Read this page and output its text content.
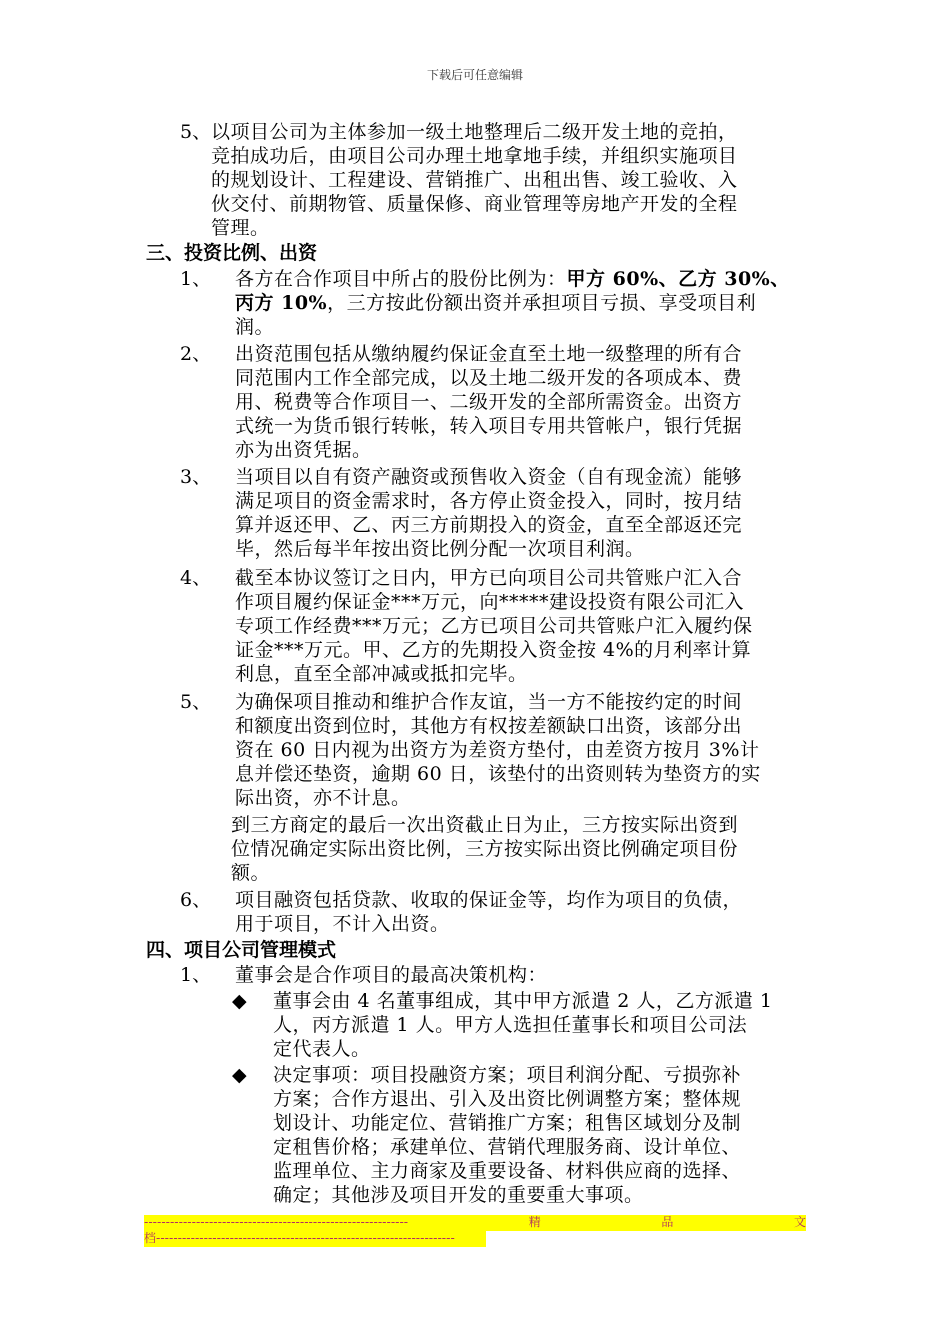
下载后可任意编辑
5、 以项目公司为主体参加一级土地整理后二级开发土地的竞拍，
竞拍成功后，由项目公司办理土地拿地手续，并组织实施项目
的规划设计、工程建设、营销推广、出租出售、竣工验收、入
伙交付、前期物管、质量保修、商业管理等房地产开发的全程
管理。
三、投资比例、出资
1、 各方在合作项目中所占的股份比例为：甲方 60%、乙方 30%、
丙方 10%，三方按此份额出资并承担项目亏损、享受项目利
润。
2、 出资范围包括从缴纳履约保证金直至土地一级整理的所有合
同范围内工作全部完成，以及土地二级开发的各项成本、费
用、税费等合作项目一、二级开发的全部所需资金。出资方
式统一为货币银行转帐，转入项目专用共管帐户，银行凭据
亦为出资凭据。
3、 当项目以自有资产融资或预售收入资金（自有现金流）能够
满足项目的资金需求时，各方停止资金投入，同时，按月结
算并返还甲、乙、丙三方前期投入的资金，直至全部返还完
毕，然后每半年按出资比例分配一次项目利润。
4、 截至本协议签订之日内，甲方已向项目公司共管账户汇入合
作项目履约保证金***万元，向*****建设投资有限公司汇入
专项工作经费***万元；乙方已项目公司共管账户汇入履约保
证金***万元。甲、乙方的先期投入资金按 4%的月利率计算
利息，直至全部冲减或抵扣完毕。
5、 为确保项目推动和维护合作友谊，当一方不能按约定的时间
和额度出资到位时，其他方有权按差额缺口出资，该部分出
资在 60 日内视为出资方为差资方垫付，由差资方按月 3%计
息并偿还垫资，逾期 60 日，该垫付的出资则转为垫资方的实
际出资，亦不计息。
到三方商定的最后一次出资截止日为止，三方按实际出资到
位情况确定实际出资比例，三方按实际出资比例确定项目份
额。
6、 项目融资包括贷款、收取的保证金等，均作为项目的负债，
用于项目，不计入出资。
四、项目公司管理模式
1、 董事会是合作项目的最高决策机构：
◆ 董事会由 4 名董事组成，其中甲方派遣 2 人，乙方派遣 1
人，丙方派遣 1 人。甲方人选担任董事长和项目公司法
定代表人。
◆ 决定事项：项目投融资方案；项目利润分配、亏损弥补
方案；合作方退出、引入及出资比例调整方案；整体规
划设计、功能定位、营销推广方案；租售区域划分及制
定租售价格；承建单位、营销代理服务商、设计单位、
监理单位、主力商家及重要设备、材料供应商的选择、
确定；其他涉及项目开发的重要重大事项。
-------------------------------------------------------------	精	品	文
档---------------------------------------------------------------------
